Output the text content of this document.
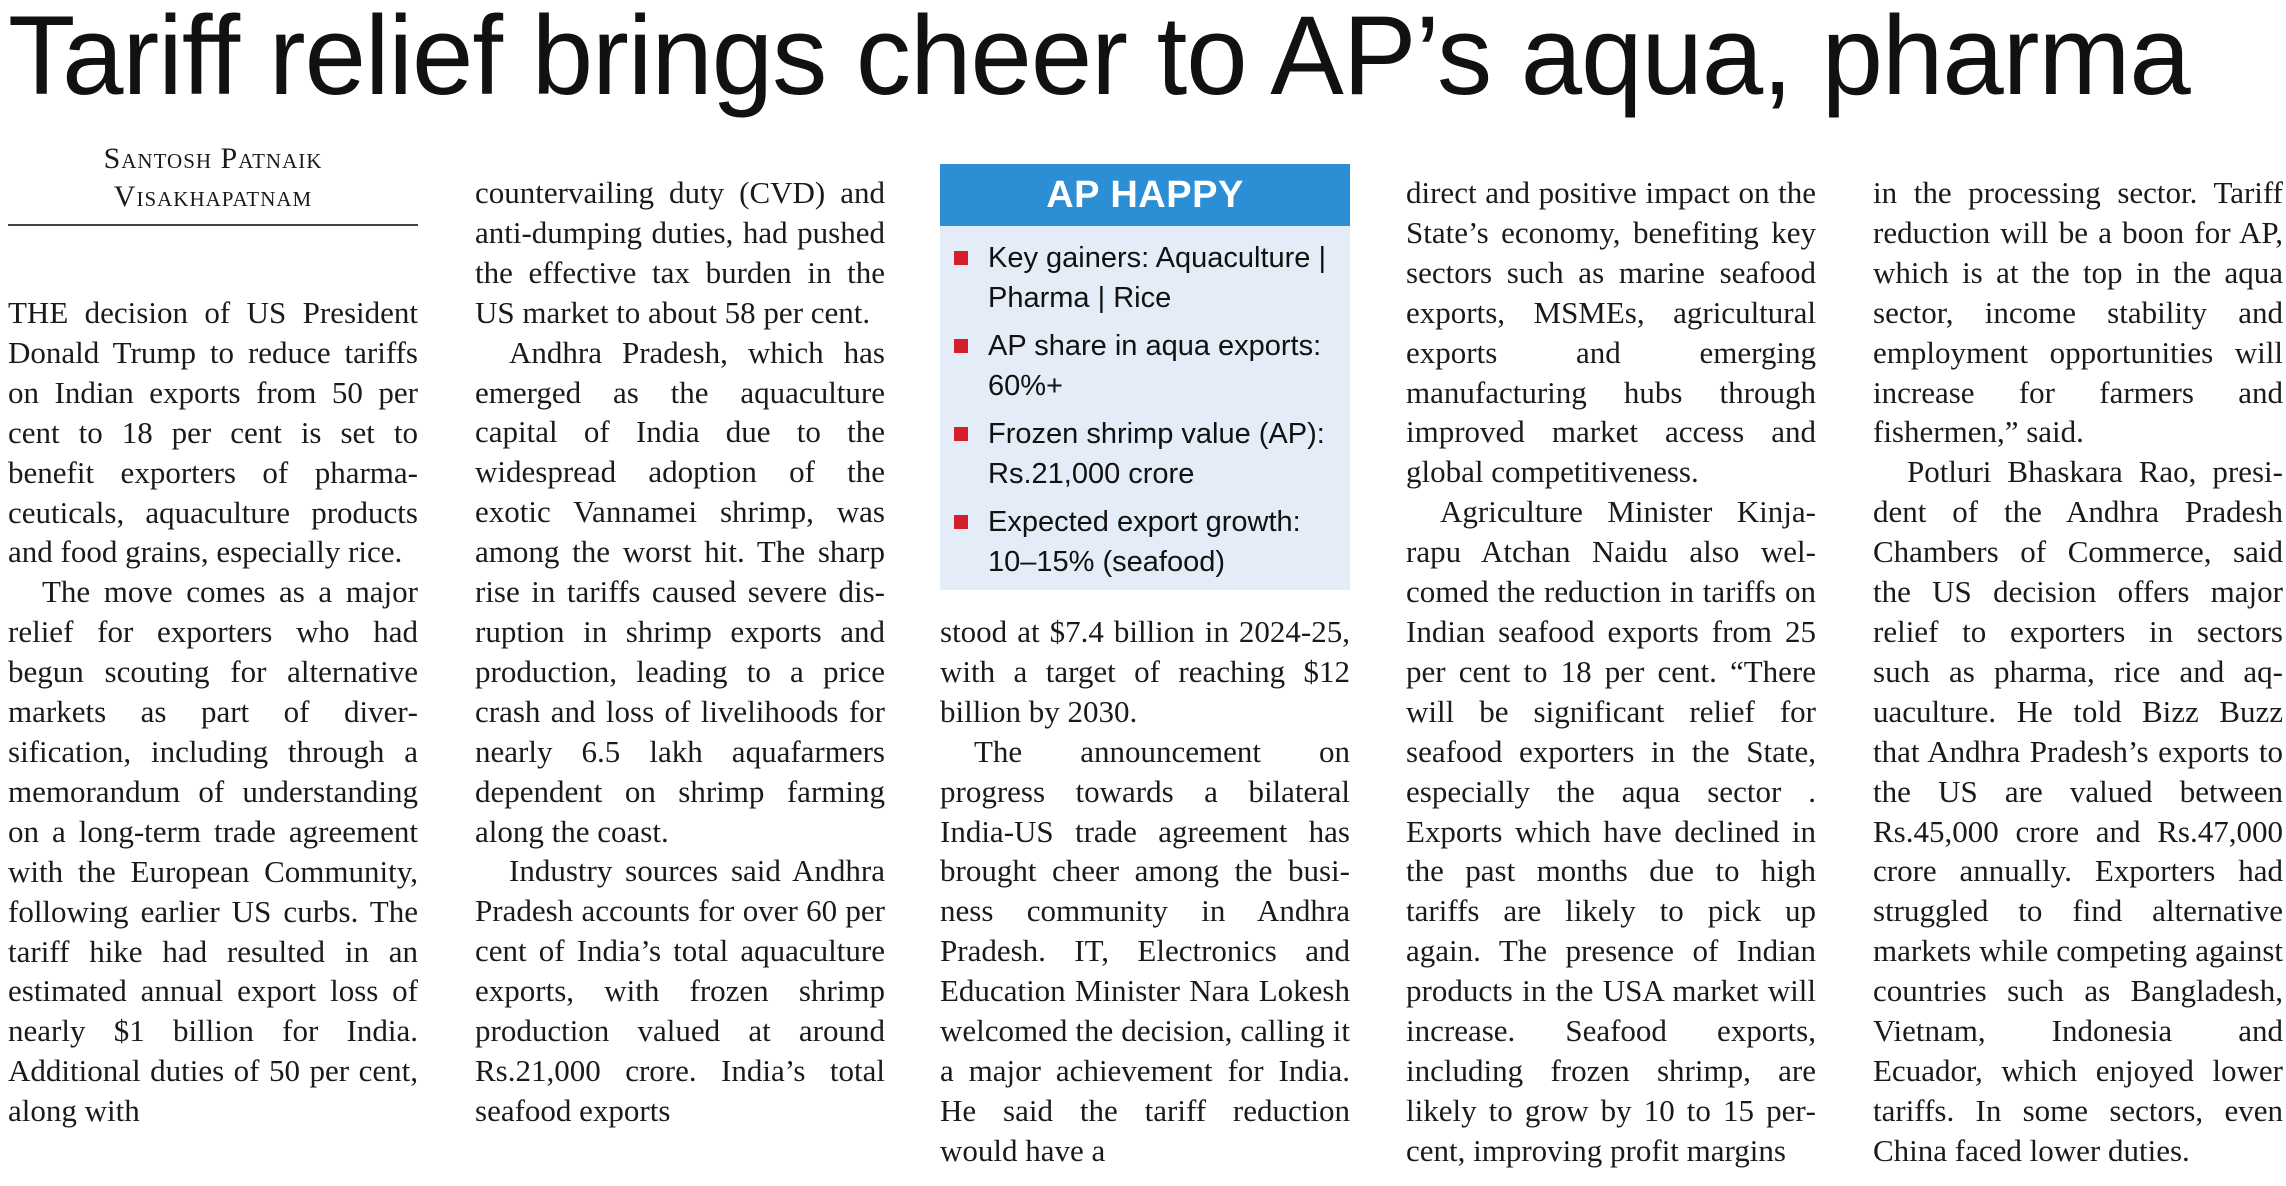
Tariff relief brings cheer to AP’s aqua, pharma
Santosh Patnaik
Visakhapatnam

THE decision of US President Donald Trump to reduce tariffs on Indian exports from 50 per cent to 18 per cent is set to benefit exporters of pharmaceuticals, aquaculture products and food grains, especially rice.

The move comes as a major relief for exporters who had begun scouting for alternative markets as part of diversification, including through a memorandum of understanding on a long-term trade agreement with the European Community, following earlier US curbs. The tariff hike had resulted in an estimated annual export loss of nearly $1 billion for India. Additional duties of 50 per cent, along with

countervailing duty (CVD) and anti-dumping duties, had pushed the effective tax burden in the US market to about 58 per cent.

Andhra Pradesh, which has emerged as the aquaculture capital of India due to the widespread adoption of the exotic Vannamei shrimp, was among the worst hit. The sharp rise in tariffs caused severe disruption in shrimp exports and production, leading to a price crash and loss of livelihoods for nearly 6.5 lakh aquafarmers dependent on shrimp farming along the coast.

Industry sources said Andhra Pradesh accounts for over 60 per cent of India’s total aquaculture exports, with frozen shrimp production valued at around Rs.21,000 crore. India’s total seafood exports

AP HAPPY
Key gainers: Aquaculture | Pharma | Rice
AP share in aqua exports: 60%+
Frozen shrimp value (AP): Rs.21,000 crore
Expected export growth: 10–15% (seafood)

stood at $7.4 billion in 2024-25, with a target of reaching $12 billion by 2030.

The announcement on progress towards a bilateral India-US trade agreement has brought cheer among the business community in Andhra Pradesh. IT, Electronics and Education Minister Nara Lokesh welcomed the decision, calling it a major achievement for India. He said the tariff reduction would have a

direct and positive impact on the State’s economy, benefiting key sectors such as marine seafood exports, MSMEs, agricultural exports and emerging manufacturing hubs through improved market access and global competitiveness.

Agriculture Minister Kinjarapu Atchan Naidu also welcomed the reduction in tariffs on Indian seafood exports from 25 per cent to 18 per cent. “There will be significant relief for seafood exporters in the State, especially the aqua sector . Exports which have declined in the past months due to high tariffs are likely to pick up again. The presence of Indian products in the USA market will increase. Seafood exports, including frozen shrimp, are likely to grow by 10 to 15 percent, improving profit margins

in the processing sector. Tariff reduction will be a boon for AP, which is at the top in the aqua sector, income stability and employment opportunities will increase for farmers and fishermen,” said.

Potluri Bhaskara Rao, president of the Andhra Pradesh Chambers of Commerce, said the US decision offers major relief to exporters in sectors such as pharma, rice and aquaculture. He told Bizz Buzz that Andhra Pradesh’s exports to the US are valued between Rs.45,000 crore and Rs.47,000 crore annually. Exporters had struggled to find alternative markets while competing against countries such as Bangladesh, Vietnam, Indonesia and Ecuador, which enjoyed lower tariffs. In some sectors, even China faced lower duties.
